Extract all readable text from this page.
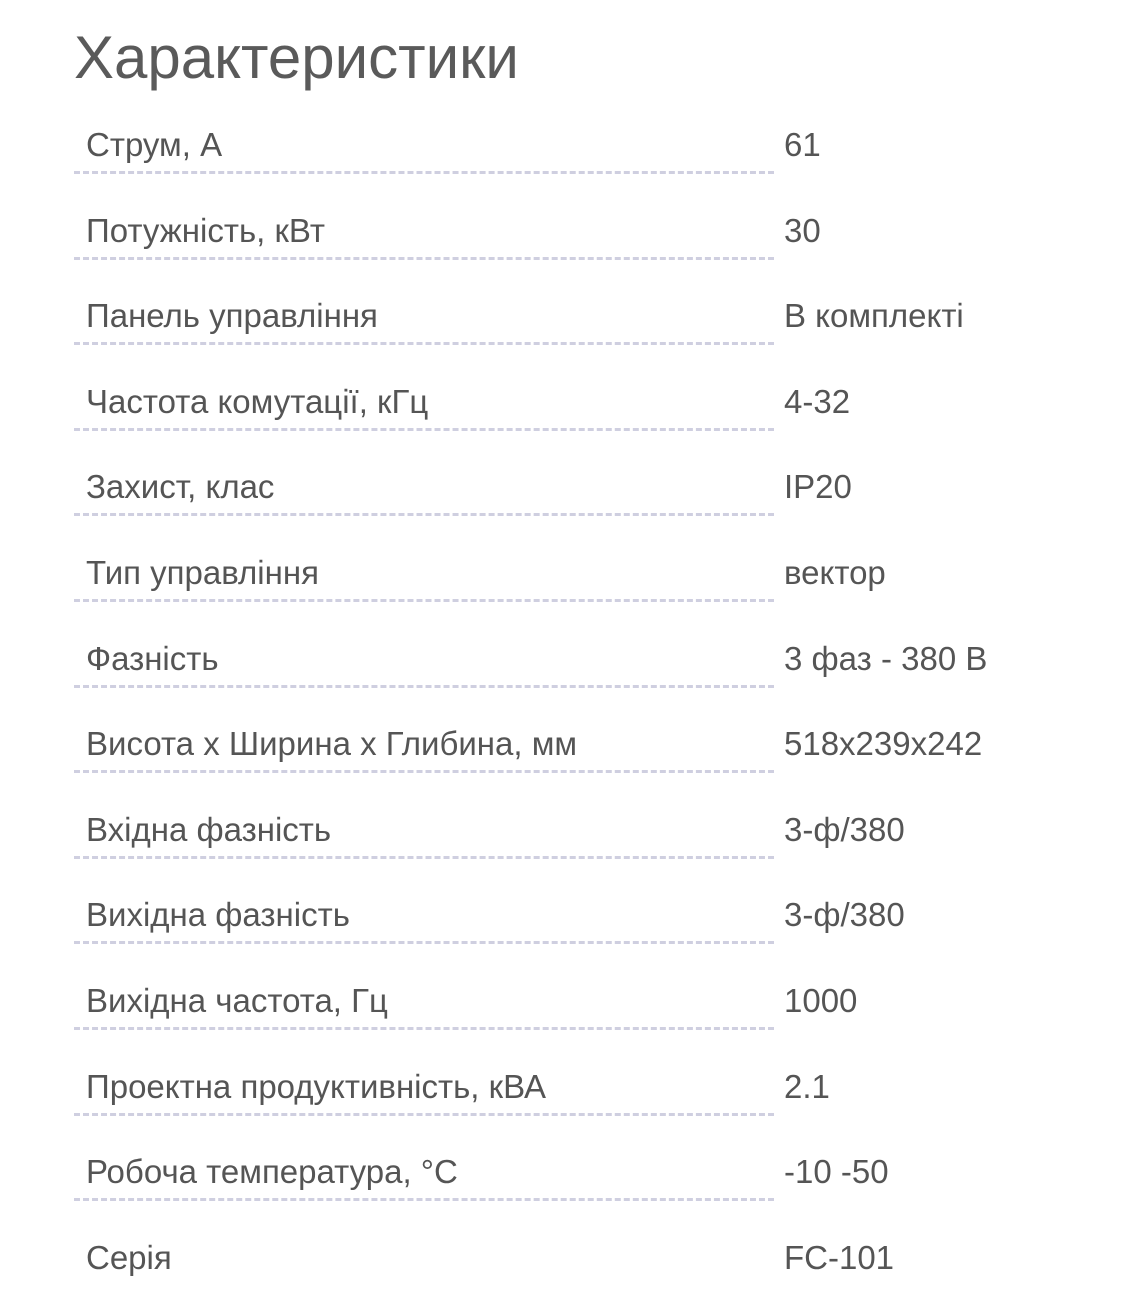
Характеристики
Струм, А	61
Потужність, кВт	30
Панель управління	В комплекті
Частота комутації, кГц	4-32
Захист, клас	IP20
Тип управління	вектор
Фазність	3 фаз - 380 В
Висота х Ширина х Глибина, мм	518x239x242
Вхідна фазність	3-ф/380
Вихідна фазність	3-ф/380
Вихідна частота, Гц	1000
Проектна продуктивність, кВА	2.1
Робоча температура, °С	-10 -50
Серія	FC-101
